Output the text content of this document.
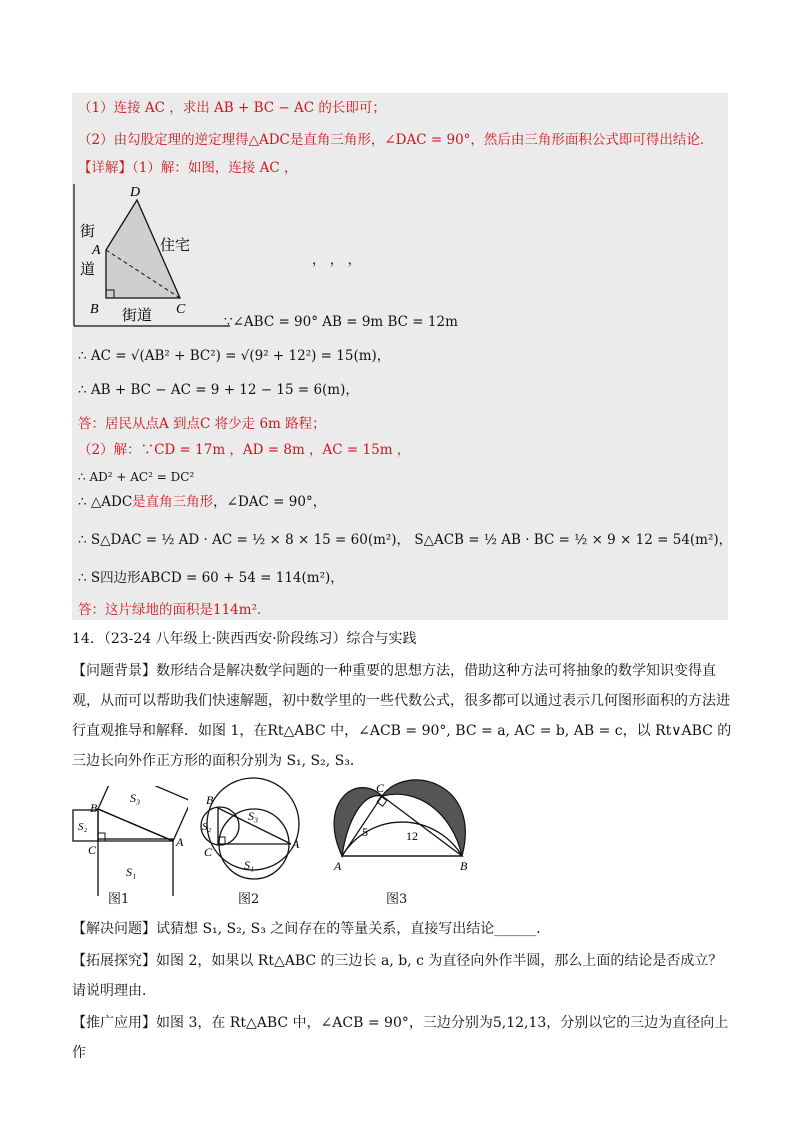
（1）连接 AC ，求出 AB + BC − AC 的长即可；
（2）由勾股定理的逆定理得△ADC是直角三角形，∠DAC = 90°，然后由三角形面积公式即可得出结论．
【详解】（1）解：如图，连接 AC ，
D
A
B	C
街
道
街道
住宅
， ， ，
∵∠ABC = 90° AB = 9m BC = 12m
∴ AC = √(AB² + BC²) = √(9² + 12²) = 15(m)，
∴ AB + BC − AC = 9 + 12 − 15 = 6(m)，
答：居民从点A 到点C 将少走 6m 路程；
（2）解：∵CD = 17m ，AD = 8m ，AC = 15m ，
∴ AD² + AC² = DC²
∴ △ADC是直角三角形，∠DAC = 90°，
∴ S△DAC = ½ AD · AC = ½ × 8 × 15 = 60(m²)， S△ACB = ½ AB · BC = ½ × 9 × 12 = 54(m²)，
∴ S四边形ABCD = 60 + 54 = 114(m²)，
答：这片绿地的面积是114m²．
14．（23-24 八年级上·陕西西安·阶段练习）综合与实践
【问题背景】数形结合是解决数学问题的一种重要的思想方法，借助这种方法可将抽象的数学知识变得直观，从而可以帮助我们快速解题，初中数学里的一些代数公式，很多都可以通过表示几何图形面积的方法进行直观推导和解释．如图 1，在Rt△ABC 中，∠ACB = 90°, BC = a, AC = b, AB = c，以 Rt∨ABC 的三边长向外作正方形的面积分别为 S₁, S₂, S₃．
B
C
A
S₁
S₂
S₃
图1
B
C
A
S₁
S₂
S₃
图2
C
A	B
5	12
图3
【解决问题】试猜想 S₁, S₂, S₃ 之间存在的等量关系，直接写出结论______．
【拓展探究】如图 2，如果以 Rt△ABC 的三边长 a, b, c 为直径向外作半圆，那么上面的结论是否成立？请说明理由．
【推广应用】如图 3，在 Rt△ABC 中，∠ACB = 90°，三边分别为5,12,13，分别以它的三边为直径向上作
